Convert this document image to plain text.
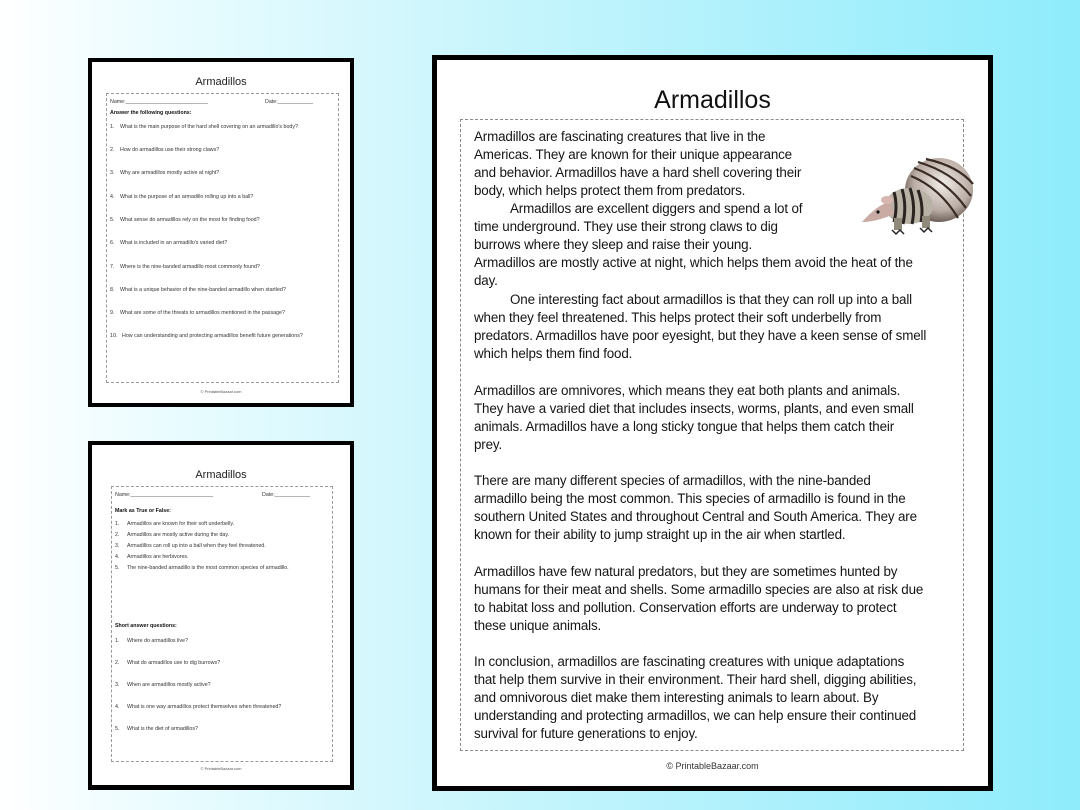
Armadillos
Name:____________________________	Date:____________
Answer the following questions:
1. What is the main purpose of the hard shell covering on an armadillo's body?
2. How do armadillos use their strong claws?
3. Why are armadillos mostly active at night?
4. What is the purpose of an armadillo rolling up into a ball?
5. What sense do armadillos rely on the most for finding food?
6. What is included in an armadillo's varied diet?
7. Where is the nine-banded armadillo most commonly found?
8. What is a unique behavior of the nine-banded armadillo when startled?
9. What are some of the threats to armadillos mentioned in the passage?
10. How can understanding and protecting armadillos benefit future generations?
© PrintableBazaar.com
Armadillos
Name:____________________________	Date:____________
Mark as True or False:
1. Armadillos are known for their soft underbelly.
2. Armadillos are mostly active during the day.
3. Armadillos can roll up into a ball when they feel threatened.
4. Armadillos are herbivores.
5. The nine-banded armadillo is the most common species of armadillo.
Short answer questions:
1. Where do armadillos live?
2. What do armadillos use to dig burrows?
3. When are armadillos mostly active?
4. What is one way armadillos protect themselves when threatened?
5. What is the diet of armadillos?
© PrintableBazaar.com
Armadillos
Armadillos are fascinating creatures that live in the
Americas. They are known for their unique appearance
and behavior. Armadillos have a hard shell covering their
body, which helps protect them from predators.
Armadillos are excellent diggers and spend a lot of
time underground. They use their strong claws to dig
burrows where they sleep and raise their young.
Armadillos are mostly active at night, which helps them avoid the heat of the
day.
One interesting fact about armadillos is that they can roll up into a ball
when they feel threatened. This helps protect their soft underbelly from
predators. Armadillos have poor eyesight, but they have a keen sense of smell
which helps them find food.
Armadillos are omnivores, which means they eat both plants and animals.
They have a varied diet that includes insects, worms, plants, and even small
animals. Armadillos have a long sticky tongue that helps them catch their
prey.
There are many different species of armadillos, with the nine-banded
armadillo being the most common. This species of armadillo is found in the
southern United States and throughout Central and South America. They are
known for their ability to jump straight up in the air when startled.
Armadillos have few natural predators, but they are sometimes hunted by
humans for their meat and shells. Some armadillo species are also at risk due
to habitat loss and pollution. Conservation efforts are underway to protect
these unique animals.
In conclusion, armadillos are fascinating creatures with unique adaptations
that help them survive in their environment. Their hard shell, digging abilities,
and omnivorous diet make them interesting animals to learn about. By
understanding and protecting armadillos, we can help ensure their continued
survival for future generations to enjoy.
© PrintableBazaar.com
